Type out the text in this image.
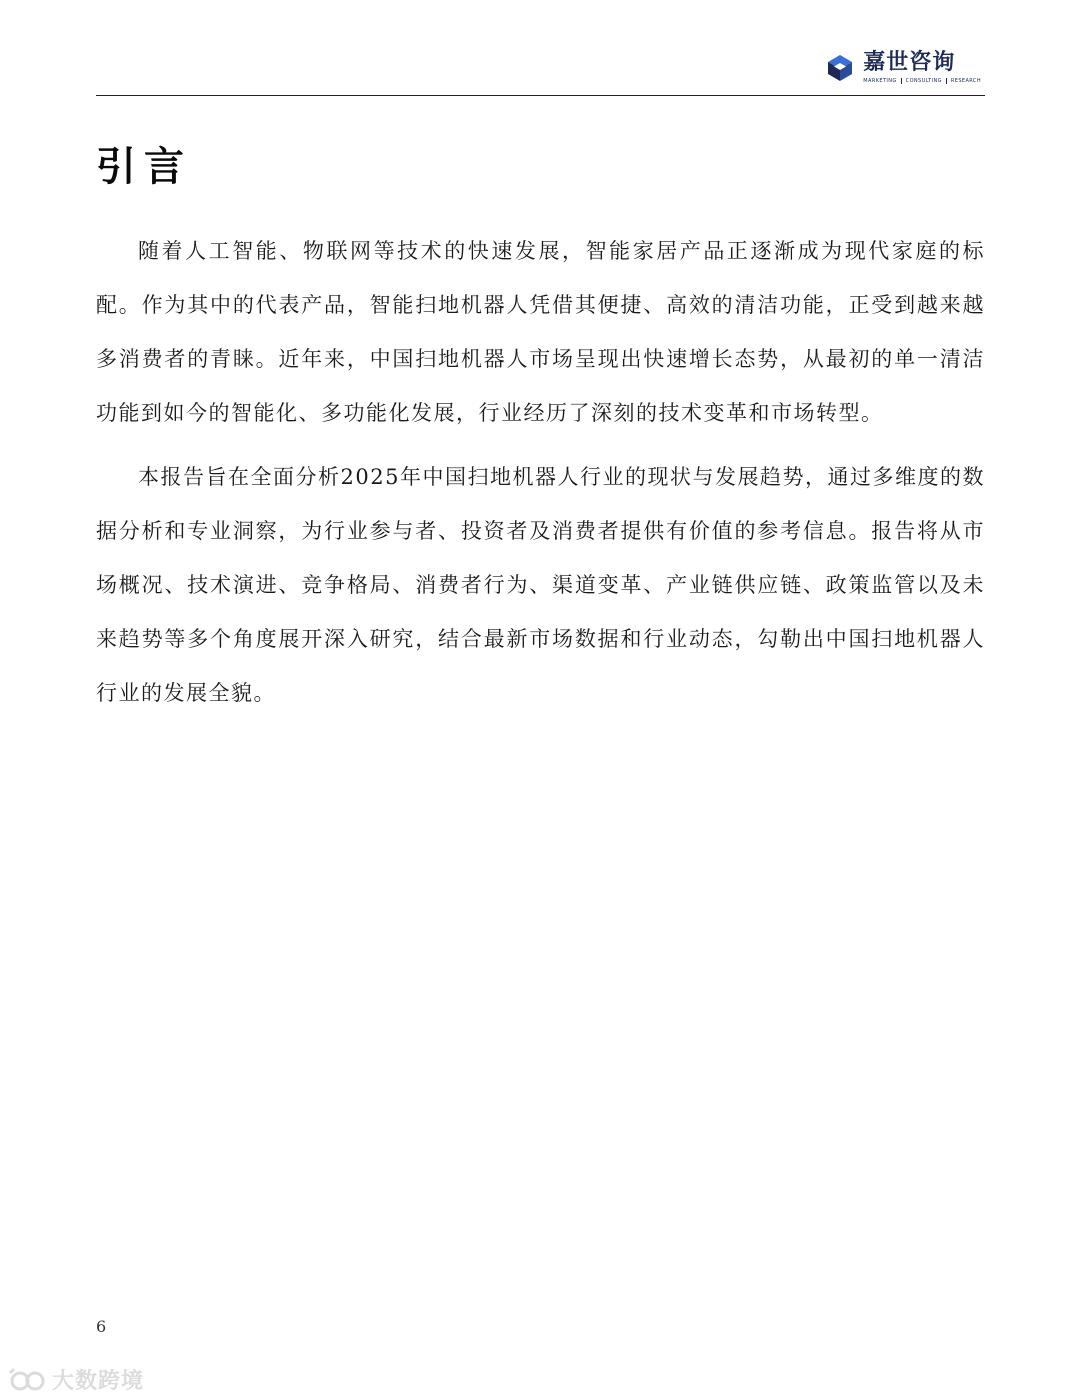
嘉世咨询
MARKETING CONSULTING RESEARCH
引言

随着人工智能、物联网等技术的快速发展，智能家居产品正逐渐成为现代家庭的标配。作为其中的代表产品，智能扫地机器人凭借其便捷、高效的清洁功能，正受到越来越多消费者的青睐。近年来，中国扫地机器人市场呈现出快速增长态势，从最初的单一清洁功能到如今的智能化、多功能化发展，行业经历了深刻的技术变革和市场转型。

本报告旨在全面分析2025年中国扫地机器人行业的现状与发展趋势，通过多维度的数据分析和专业洞察，为行业参与者、投资者及消费者提供有价值的参考信息。报告将从市场概况、技术演进、竞争格局、消费者行为、渠道变革、产业链供应链、政策监管以及未来趋势等多个角度展开深入研究，结合最新市场数据和行业动态，勾勒出中国扫地机器人行业的发展全貌。

6
大数跨境
